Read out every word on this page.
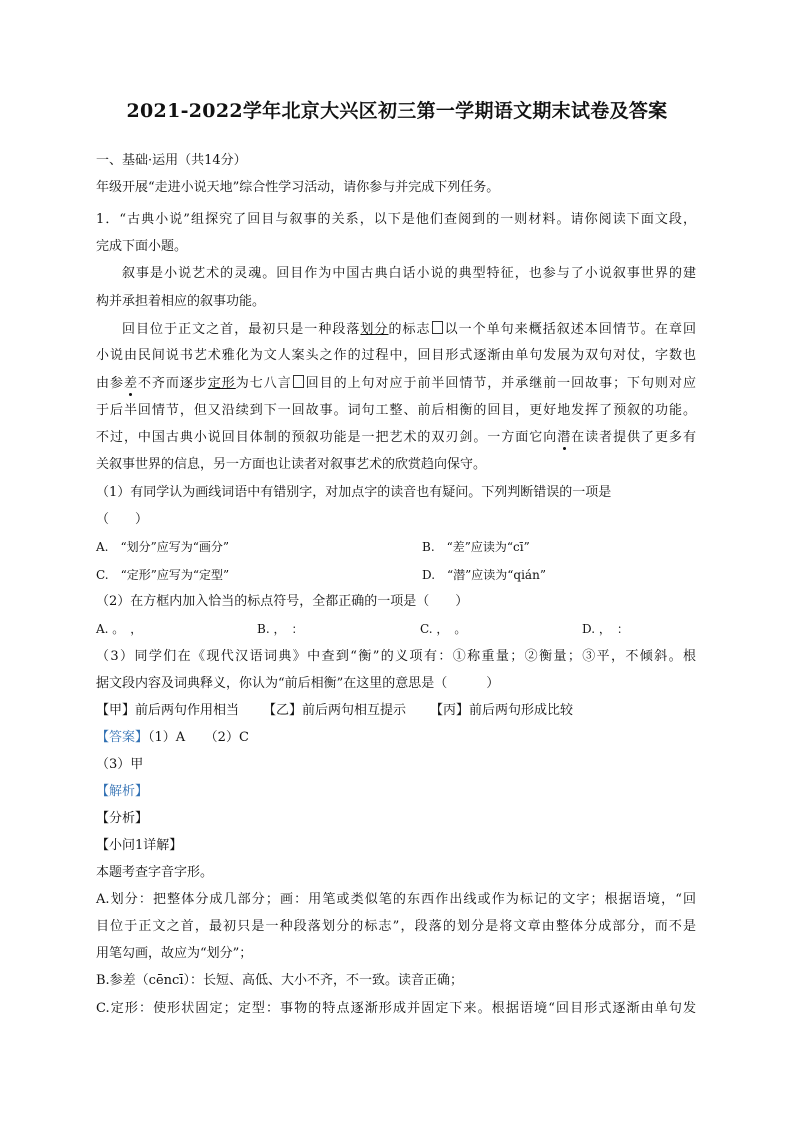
2021-2022学年北京大兴区初三第一学期语文期末试卷及答案
一、基础·运用（共14分）
年级开展“走进小说天地”综合性学习活动，请你参与并完成下列任务。
1．“古典小说”组探究了回目与叙事的关系，以下是他们查阅到的一则材料。请你阅读下面文段，
完成下面小题。
叙事是小说艺术的灵魂。回目作为中国古典白话小说的典型特征，也参与了小说叙事世界的建
构并承担着相应的叙事功能。
回目位于正文之首，最初只是一种段落划分的标志 以一个单句来概括叙述本回情节。在章回
小说由民间说书艺术雅化为文人案头之作的过程中，回目形式逐渐由单句发展为双句对仗，字数也
由参差不齐而逐步定形为七八言 回目的上句对应于前半回情节，并承继前一回故事；下句则对应
于后半回情节，但又沿续到下一回故事。词句工整、前后相衡的回目，更好地发挥了预叙的功能。
不过，中国古典小说回目体制的预叙功能是一把艺术的双刃剑。一方面它向潜在读者提供了更多有
关叙事世界的信息，另一方面也让读者对叙事艺术的欣赏趋向保守。
（1）有同学认为画线词语中有错别字，对加点字的读音也有疑问。下列判断错误的一项是
（　　）
A.　“划分”应写为“画分”	B.　“差”应读为“cī”
C.　“定形”应写为“定型”	D.　“潜”应读为“qián”
（2）在方框内加入恰当的标点符号，全都正确的一项是（　　）
A. 。　，	B. ，　：	C. ，　。	D. ，　：
（3）同学们在《现代汉语词典》中查到“衡”的义项有：①称重量；②衡量；③平，不倾斜。根
据文段内容及词典释义，你认为“前后相衡”在这里的意思是（　　　）
【甲】前后两句作用相当 【乙】前后两句相互提示 【丙】前后两句形成比较
【答案】（1）A　　（2）C
（3）甲
【解析】
【分析】
【小问1详解】
本题考查字音字形。
A.划分：把整体分成几部分；画：用笔或类似笔的东西作出线或作为标记的文字；根据语境，“回
目位于正文之首，最初只是一种段落划分的标志”，段落的划分是将文章由整体分成部分，而不是
用笔勾画，故应为“划分”；
B.参差（cēncī）：长短、高低、大小不齐，不一致。读音正确；
C.定形：使形状固定；定型：事物的特点逐渐形成并固定下来。根据语境“回目形式逐渐由单句发
